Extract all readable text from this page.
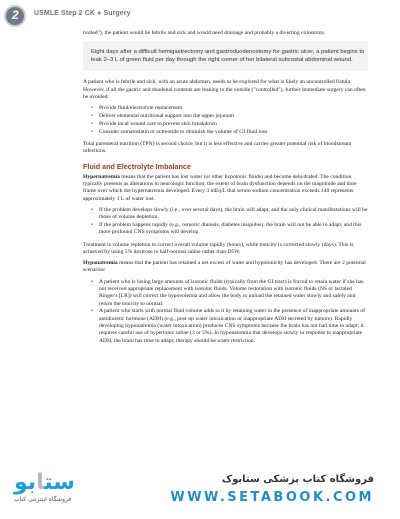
2 USMLE Step 2 CK ● Surgery

trolled"), the patient would be febrile and sick and would need drainage and probably a diverting colostomy.

Eight days after a difficult hemigastrectomy and gastroduodenostomy for gastric ulcer, a patient begins to leak 2–3 L of green fluid per day through the right corner of her bilateral subcostal abdominal wound.

A patient who is febrile and sick, with an acute abdomen, needs to be explored for what is likely an uncontrolled fistula. However, if all the gastric and duodenal contents are leaking to the outside ("controlled"), further immediate surgery can often be avoided:

• Provide fluid/electrolyte replacement
• Deliver elemental nutritional support into the upper jejunum
• Provide local wound care to prevent skin breakdown
• Consider somatostatin or octreotide to diminish the volume of GI fluid loss

Total parenteral nutrition (TPN) is second choice, but it is less effective and carries greater potential risk of bloodstream infections.

Fluid and Electrolyte Imbalance

Hypernatremia means that the patient has lost water (or other hypotonic fluids) and become dehydrated. The condition typically presents as alterations in neurologic function; the extent of brain dysfunction depends on the magnitude and time frame over which the hypernatremia developed. Every 3 mEq/L that serum sodium concentration exceeds 140 represents approximately 1 L of water lost.

• If the problem develops slowly (i.e., over several days), the brain will adapt, and the only clinical manifestations will be those of volume depletion.
• If the problem happens rapidly (e.g., osmotic diuresis, diabetes insipidus), the brain will not be able to adapt, and this more profound CNS symptoms will develop.

Treatment is volume repletion to correct overall volume rapidly (hours), while tonicity is corrected slowly (days). This is achieved by using 5% dextrose in half-normal saline rather than D5W.

Hyponatremia means that the patient has retained a net excess of water and hypotonicity has developed. There are 2 potential scenarios:

• A patient who is losing large amounts of isotonic fluids (typically from the GI tract) is forced to retain water if she has not received appropriate replacement with isotonic fluids. Volume restoration with isotonic fluids (NS or lactated Ringer's [LR]) will correct the hypovolemia and allow the body to unload the retained water slowly and safely and return the tonicity to normal.
• A patient who starts with normal fluid volume adds to it by retaining water in the presence of inappropriate amounts of antidiuretic hormone (ADH) (e.g., post-op water intoxication or inappropriate ADH secreted by tumors). Rapidly developing hyponatremia (water intoxication) produces CNS symptoms because the brain has not had time to adapt; it requires careful use of hypertonic saline (3 or 5%). In hyponatremia that develops slowly in response to inappropriate ADH, the brain has time to adapt; therapy should be water restriction.
ستابو
فروشگاه اینترنتی کتاب
فروشگاه کتاب پزشکی ستابوک
WWW.SETABOOK.COM
